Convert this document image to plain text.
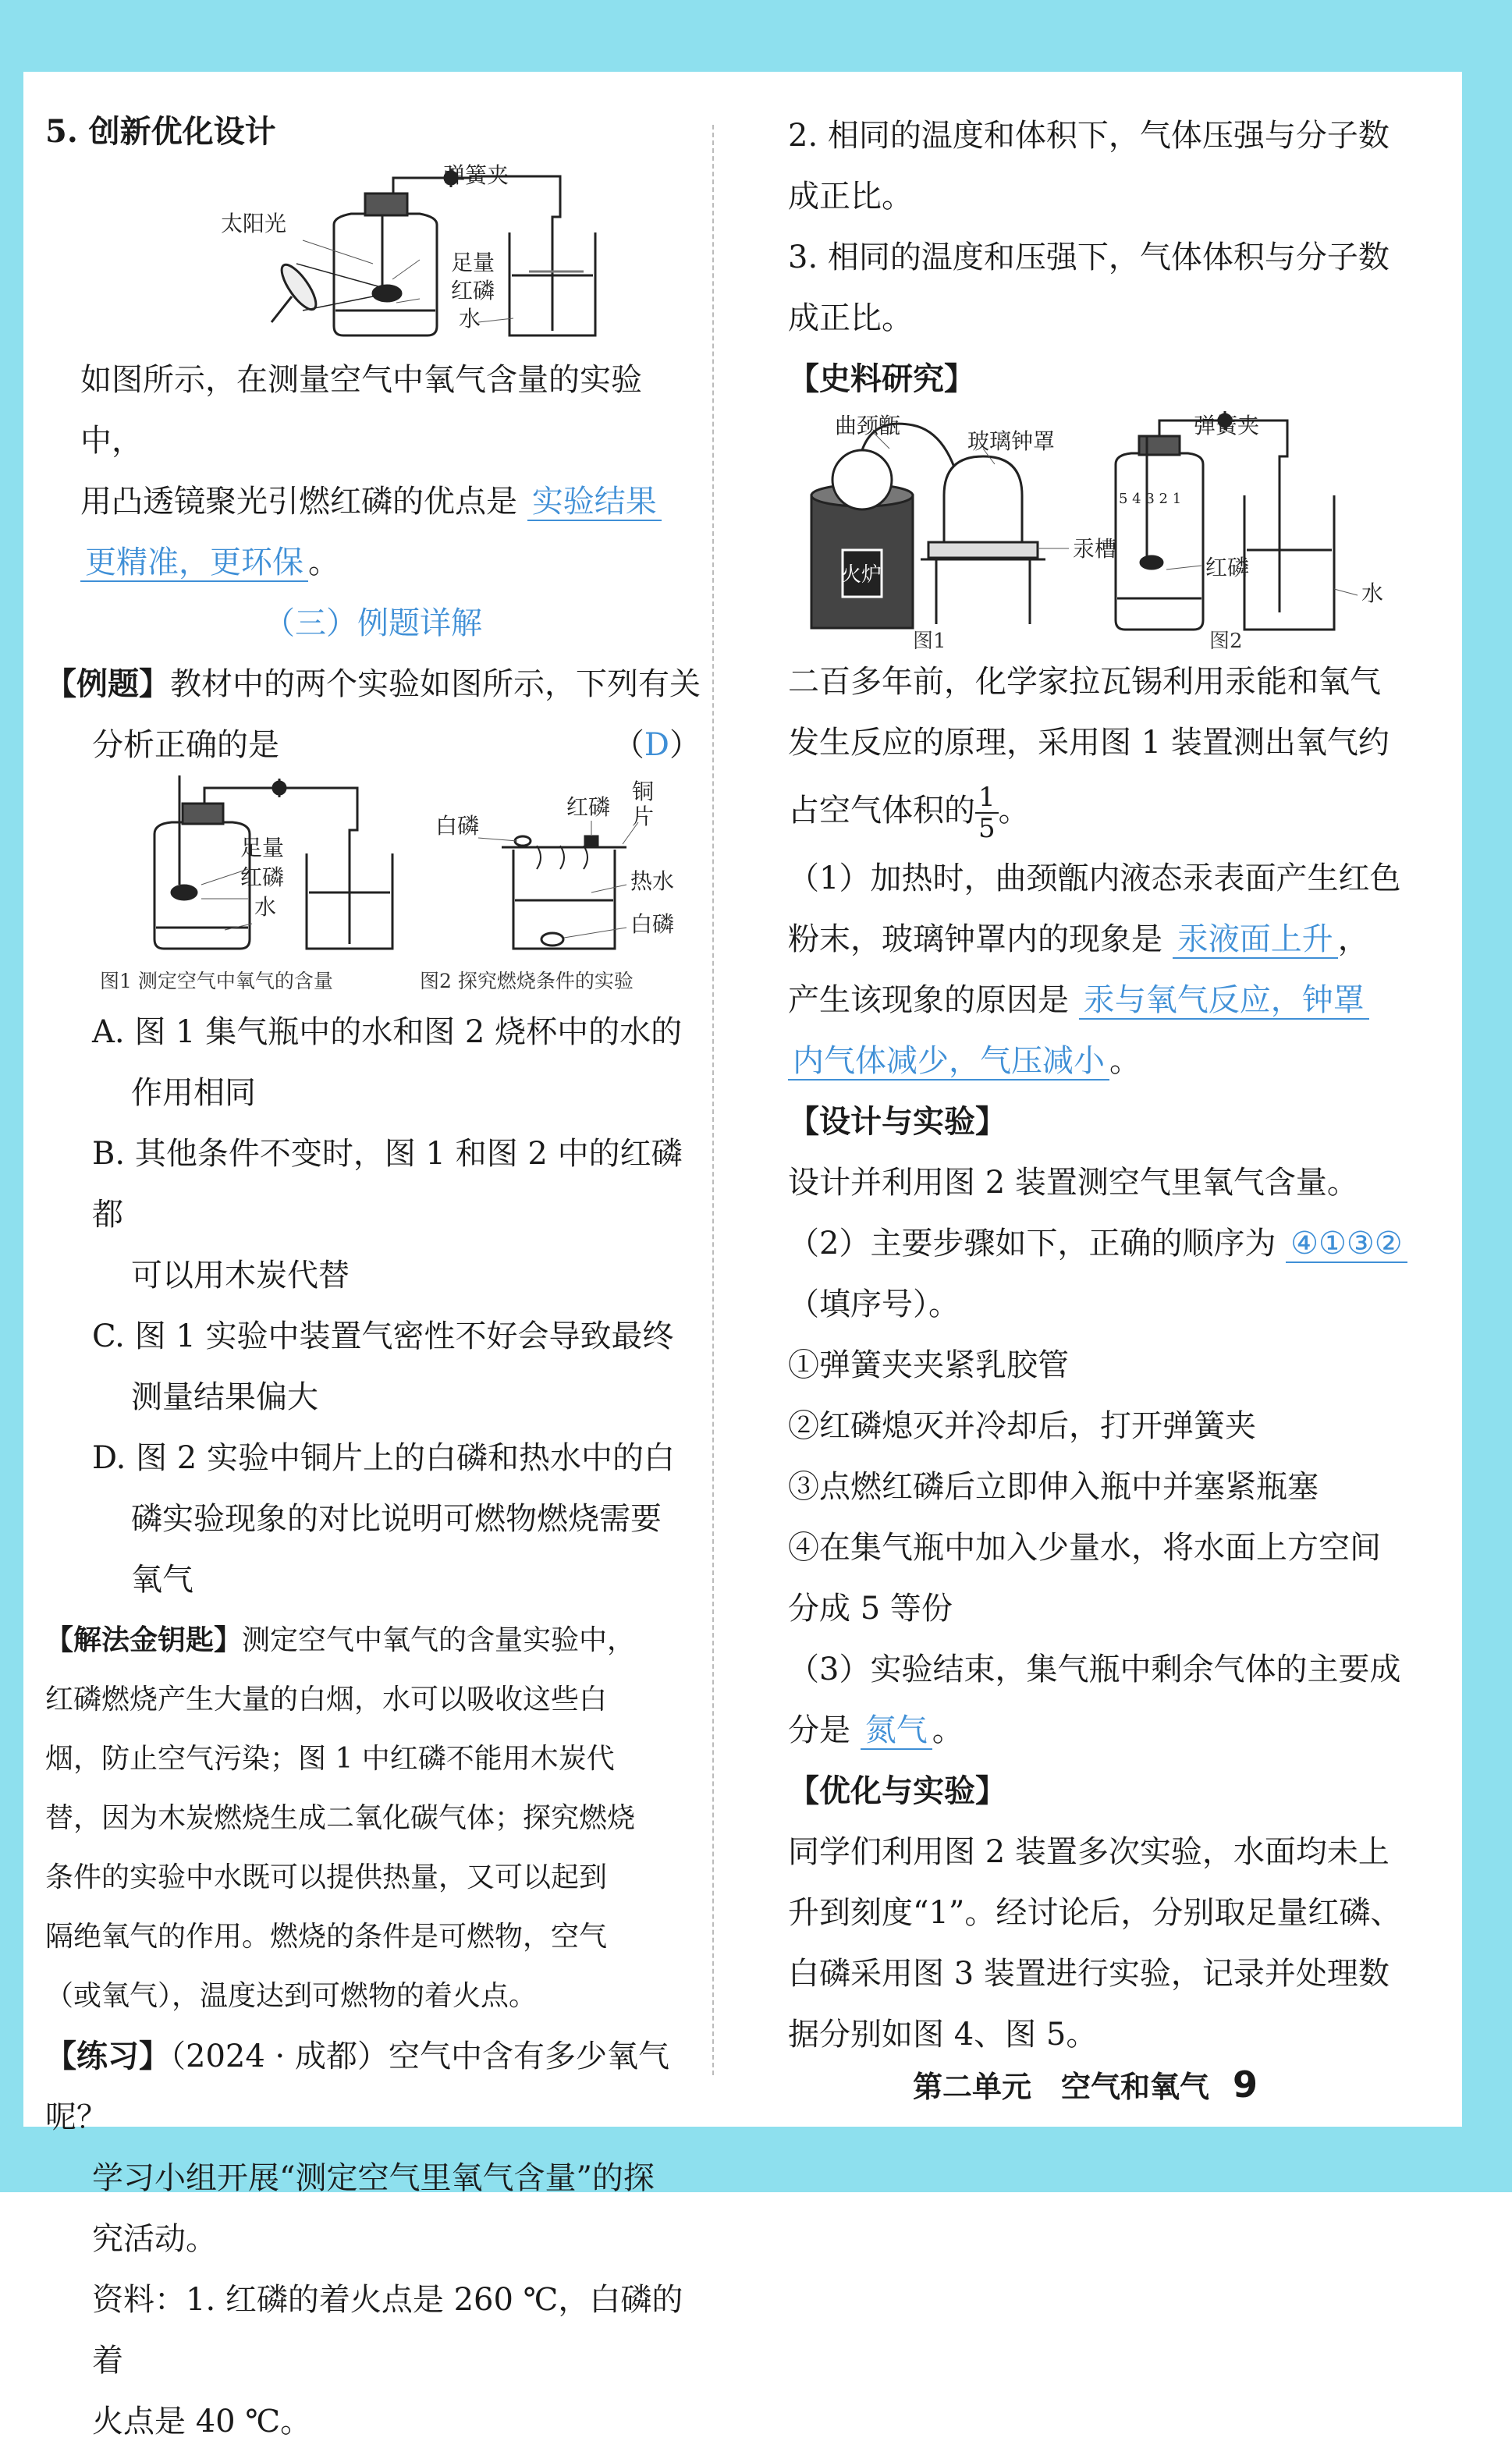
5. 创新优化设计

弹簧夹
太阳光
足量
红磷
水

如图所示，在测量空气中氧气含量的实验中，

用凸透镜聚光引燃红磷的优点是 实验结果

更精准，更环保 。

（三）例题详解

【例题】教材中的两个实验如图所示，下列有关

分析正确的是	（D）

足量
红磷
水
白磷
红磷
铜
片
热水
白磷
图1 测定空气中氧气的含量	图2 探究燃烧条件的实验

A. 图 1 集气瓶中的水和图 2 烧杯中的水的

作用相同

B. 其他条件不变时，图 1 和图 2 中的红磷都

可以用木炭代替

C. 图 1 实验中装置气密性不好会导致最终

测量结果偏大

D. 图 2 实验中铜片上的白磷和热水中的白

磷实验现象的对比说明可燃物燃烧需要

氧气

【解法金钥匙】测定空气中氧气的含量实验中，

红磷燃烧产生大量的白烟，水可以吸收这些白

烟，防止空气污染；图 1 中红磷不能用木炭代

替，因为木炭燃烧生成二氧化碳气体；探究燃烧

条件的实验中水既可以提供热量，又可以起到

隔绝氧气的作用。燃烧的条件是可燃物，空气

（或氧气），温度达到可燃物的着火点。

【练习】（2024 · 成都）空气中含有多少氧气呢？

学习小组开展“测定空气里氧气含量”的探

究活动。

资料：1. 红磷的着火点是 260 ℃，白磷的着

火点是 40 ℃。

2. 相同的温度和体积下，气体压强与分子数

成正比。

3. 相同的温度和压强下，气体体积与分子数

成正比。

【史料研究】

曲颈甑
玻璃钟罩
汞槽
火炉
弹簧夹
红磷
水
5 4 3 2 1
图1	图2

二百多年前，化学家拉瓦锡利用汞能和氧气

发生反应的原理，采用图 1 装置测出氧气约

占空气体积的 $\frac{1}{5}$ 。

（1）加热时，曲颈甑内液态汞表面产生红色

粉末，玻璃钟罩内的现象是 汞液面上升 ，

产生该现象的原因是 汞与氧气反应，钟罩

内气体减少，气压减小 。

【设计与实验】

设计并利用图 2 装置测空气里氧气含量。

（2）主要步骤如下，正确的顺序为 ④①③②

（填序号）。

①弹簧夹夹紧乳胶管

②红磷熄灭并冷却后，打开弹簧夹

③点燃红磷后立即伸入瓶中并塞紧瓶塞

④在集气瓶中加入少量水，将水面上方空间

分成 5 等份

（3）实验结束，集气瓶中剩余气体的主要成

分是 氮气 。

【优化与实验】

同学们利用图 2 装置多次实验，水面均未上

升到刻度“1”。经讨论后，分别取足量红磷、

白磷采用图 3 装置进行实验，记录并处理数

据分别如图 4、图 5。

第二单元　空气和氧气 9
